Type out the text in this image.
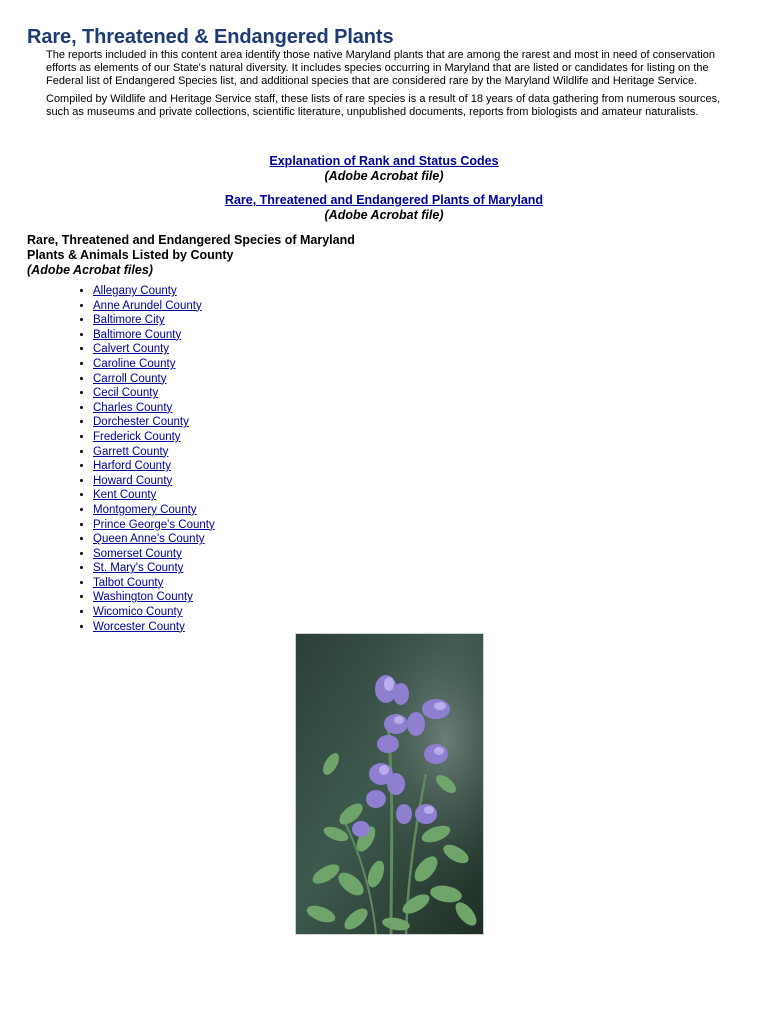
Rare, Threatened & Endangered Plants

The reports included in this content area identify those native Maryland plants that are among the rarest and most in need of conservation efforts as elements of our State's natural diversity. It includes species occurring in Maryland that are listed or candidates for listing on the Federal list of Endangered Species list, and additional species that are considered rare by the Maryland Wildlife and Heritage Service.

Compiled by Wildlife and Heritage Service staff, these lists of rare species is a result of 18 years of data gathering from numerous sources, such as museums and private collections, scientific literature, unpublished documents, reports from biologists and amateur naturalists.

Explanation of Rank and Status Codes
(Adobe Acrobat file)
Rare, Threatened and Endangered Plants of Maryland
(Adobe Acrobat file)
Rare, Threatened and Endangered Species of Maryland
Plants & Animals Listed by County
(Adobe Acrobat files)
• Allegany County
• Anne Arundel County
• Baltimore City
• Baltimore County
• Calvert County
• Caroline County
• Carroll County
• Cecil County
• Charles County
• Dorchester County
• Frederick County
• Garrett County
• Harford County
• Howard County
• Kent County
• Montgomery County
• Prince George's County
• Queen Anne's County
• Somerset County
• St. Mary's County
• Talbot County
• Washington County
• Wicomico County
• Worcester County
